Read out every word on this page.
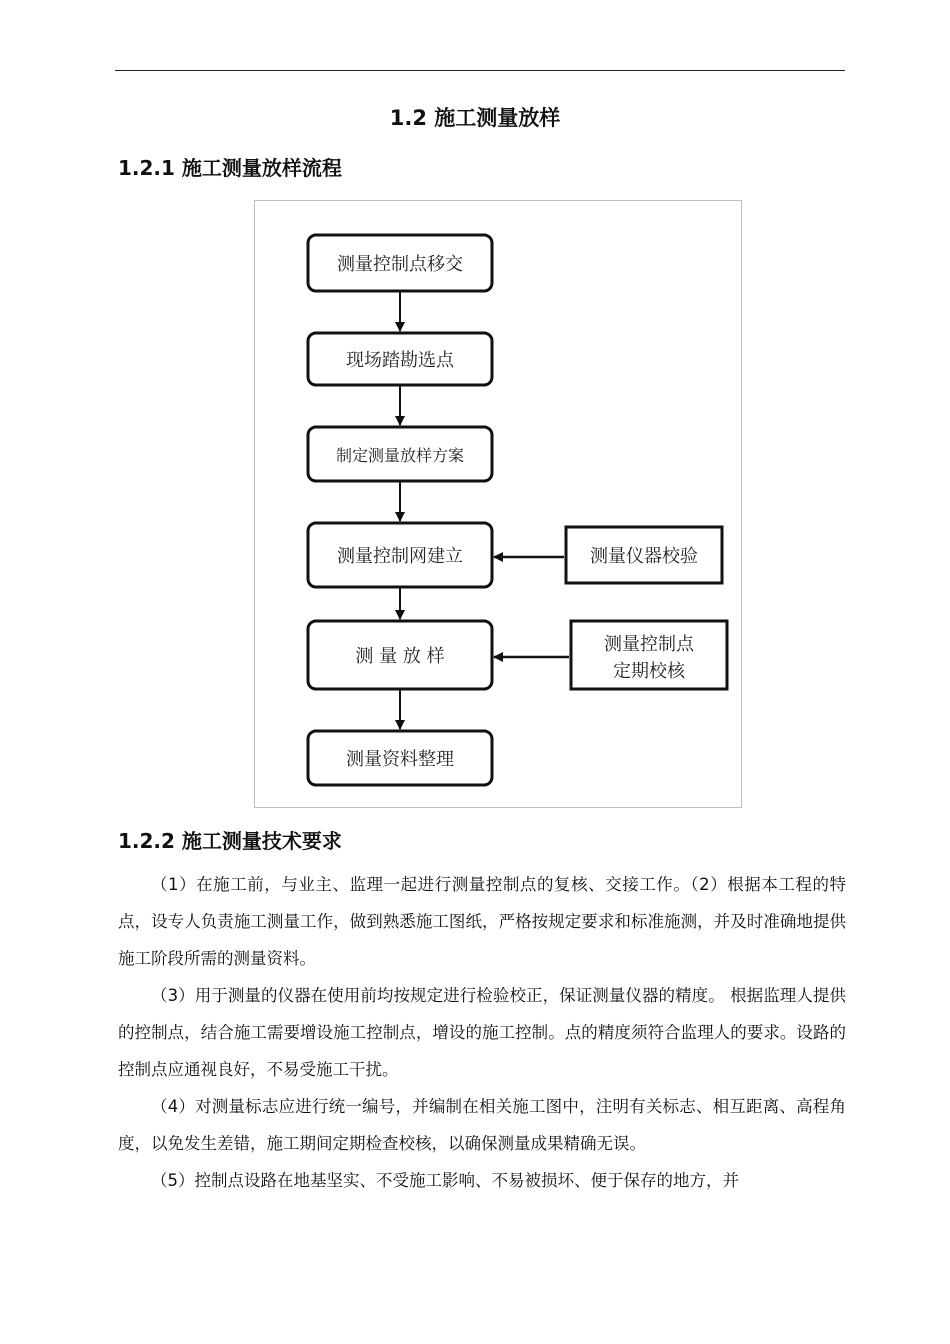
1.2 施工测量放样
1.2.1 施工测量放样流程
测量控制点移交
现场踏勘选点
制定测量放样方案
测量控制网建立
测 量 放 样
测量资料整理
测量仪器校验
测量控制点
定期校核
1.2.2 施工测量技术要求

（1）在施工前，与业主、监理一起进行测量控制点的复核、交接工作。（2）根据本工程的特点，设专人负责施工测量工作，做到熟悉施工图纸，严格按规定要求和标准施测，并及时准确地提供施工阶段所需的测量资料。

（3）用于测量的仪器在使用前均按规定进行检验校正，保证测量仪器的精度。 根据监理人提供的控制点，结合施工需要增设施工控制点，增设的施工控制。点的精度须符合监理人的要求。设路的控制点应通视良好，不易受施工干扰。

（4）对测量标志应进行统一编号，并编制在相关施工图中，注明有关标志、相互距离、高程角度，以免发生差错，施工期间定期检查校核，以确保测量成果精确无误。

（5）控制点设路在地基坚实、不受施工影响、不易被损坏、便于保存的地方，并
